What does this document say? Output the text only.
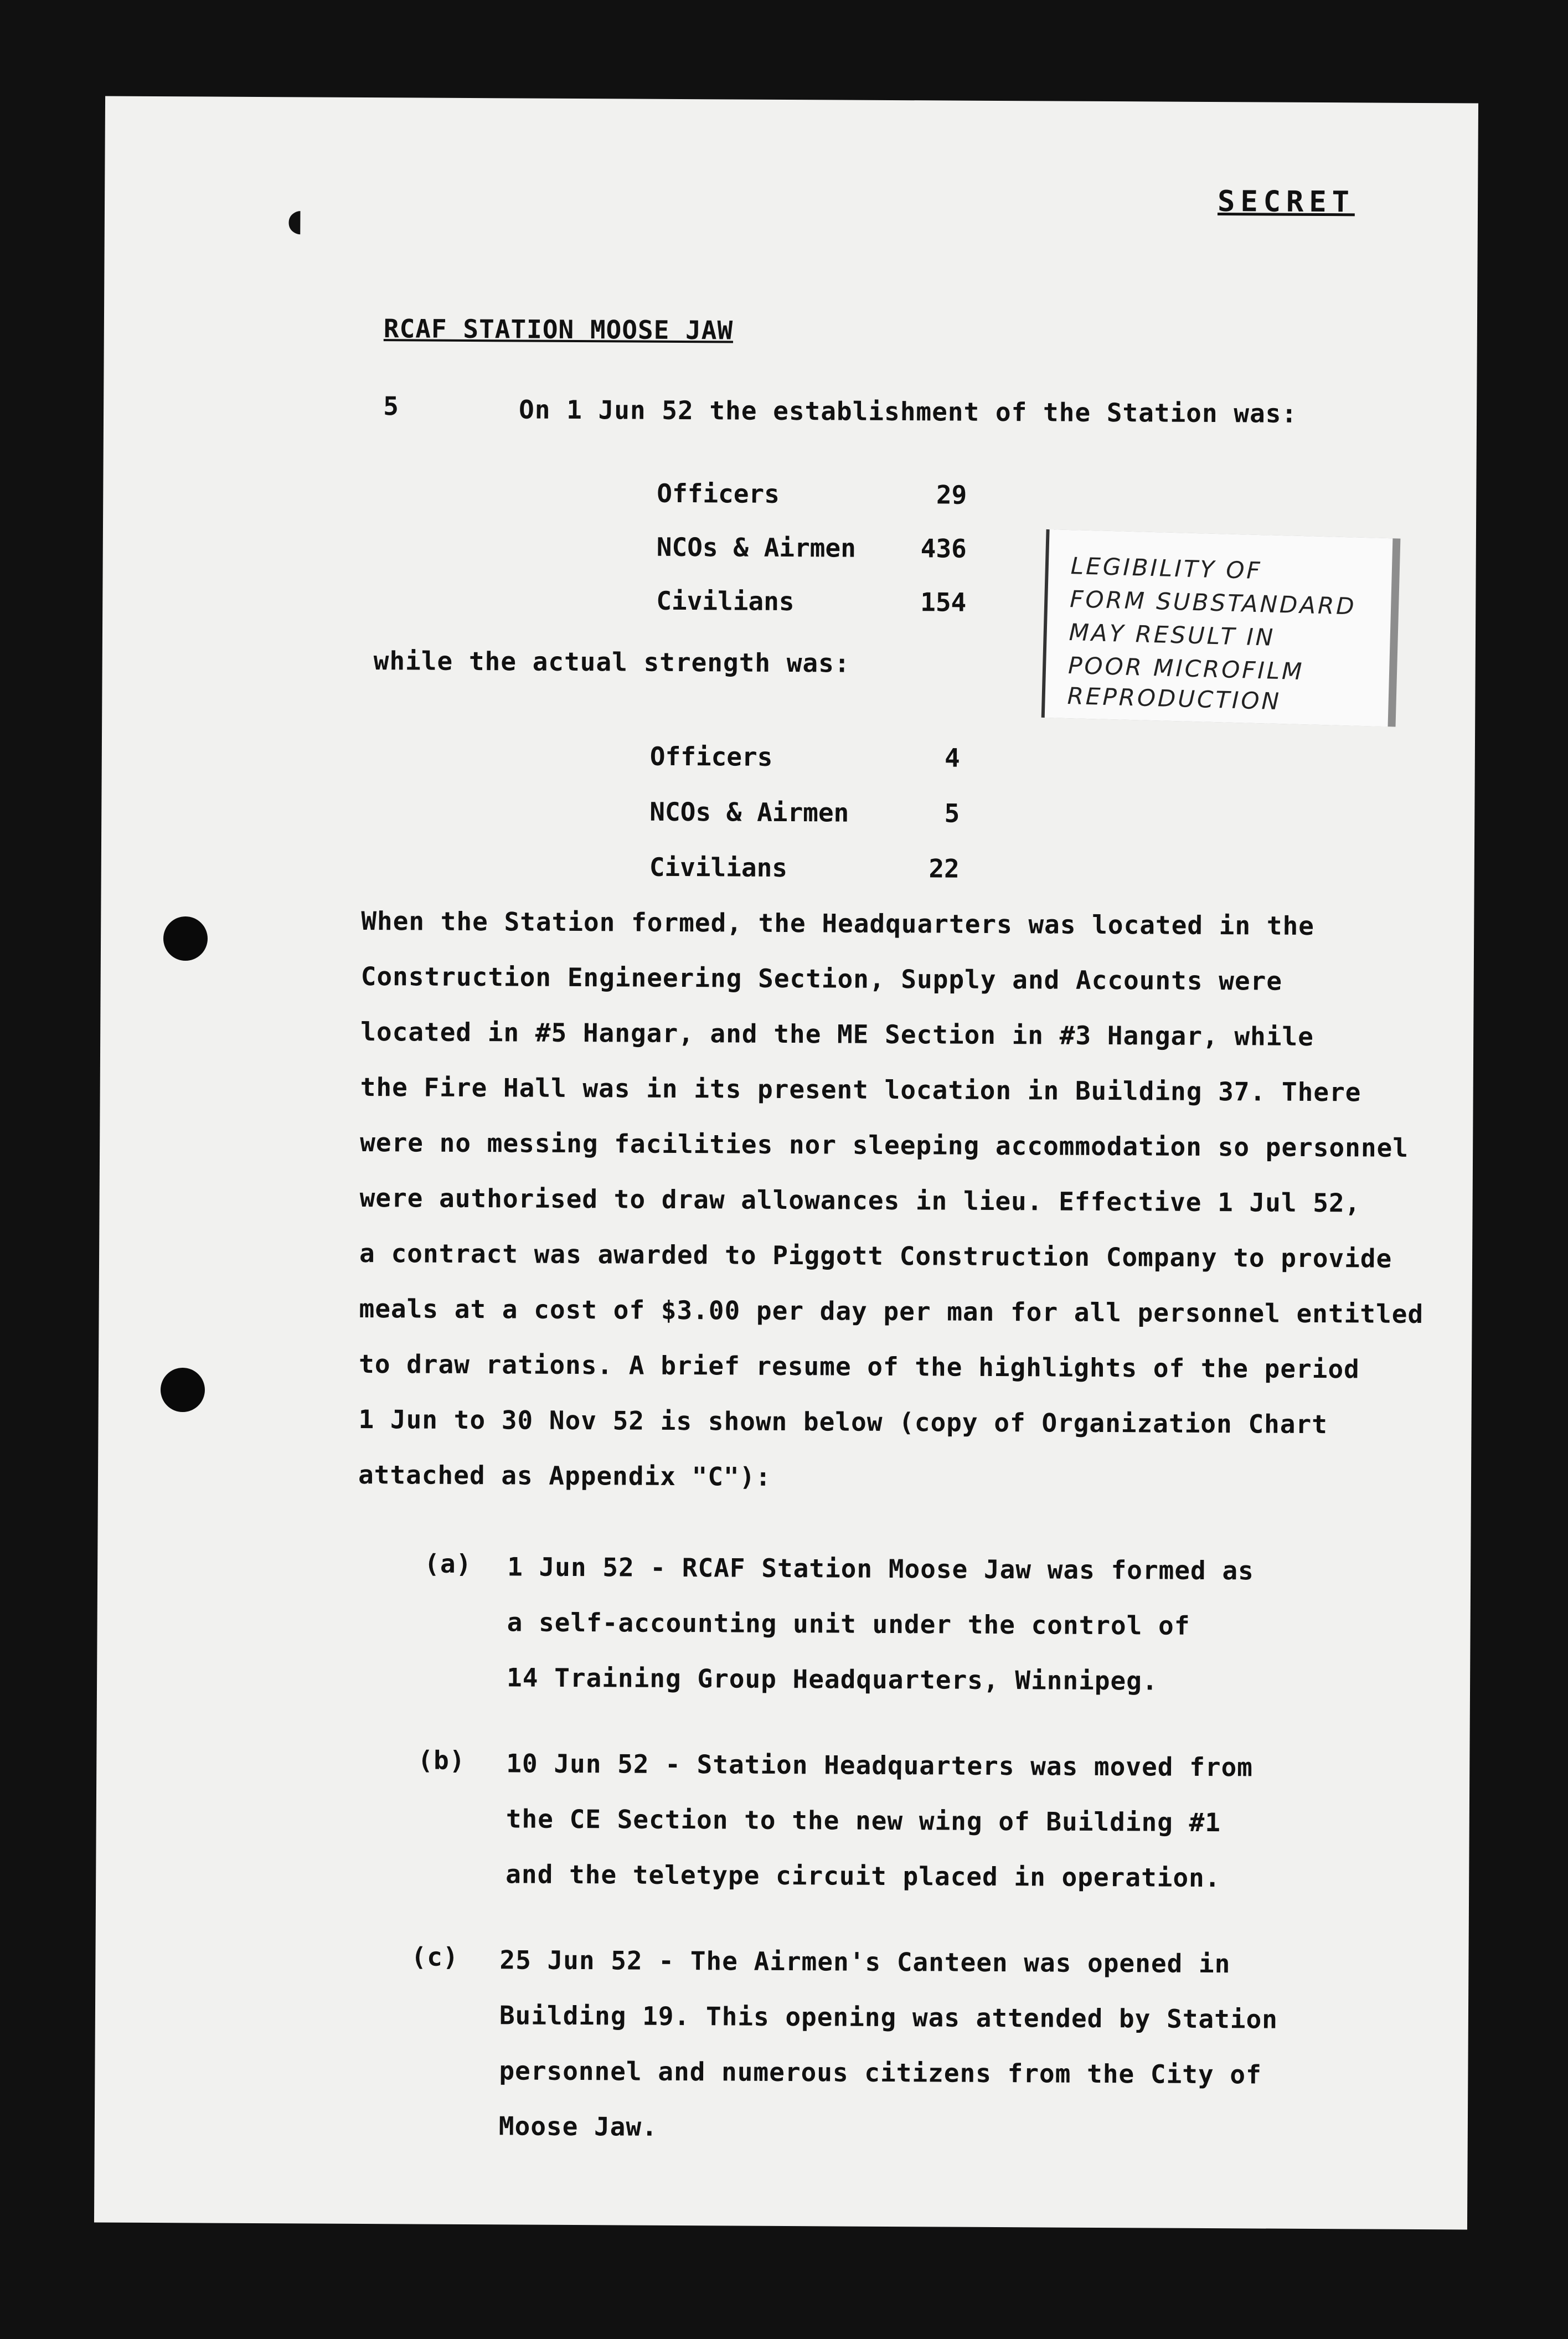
◖	SECRET
RCAF STATION MOOSE JAW
5	On 1 Jun 52 the establishment of the Station was:
Officers	29
NCOs & Airmen	436
Civilians	154
while the actual strength was:
Officers	4
NCOs & Airmen	5
Civilians	22
LEGIBILITY OF
FORM SUBSTANDARD
MAY RESULT IN
POOR MICROFILM
REPRODUCTION
When the Station formed, the Headquarters was located in the
Construction Engineering Section, Supply and Accounts were
located in #5 Hangar, and the ME Section in #3 Hangar, while
the Fire Hall was in its present location in Building 37. There
were no messing facilities nor sleeping accommodation so personnel
were authorised to draw allowances in lieu. Effective 1 Jul 52,
a contract was awarded to Piggott Construction Company to provide
meals at a cost of $3.00 per day per man for all personnel entitled
to draw rations. A brief resume of the highlights of the period
1 Jun to 30 Nov 52 is shown below (copy of Organization Chart
attached as Appendix "C"):
(a) 1 Jun 52 - RCAF Station Moose Jaw was formed as
a self-accounting unit under the control of
14 Training Group Headquarters, Winnipeg.
(b) 10 Jun 52 - Station Headquarters was moved from
the CE Section to the new wing of Building #1
and the teletype circuit placed in operation.
(c) 25 Jun 52 - The Airmen's Canteen was opened in
Building 19. This opening was attended by Station
personnel and numerous citizens from the City of
Moose Jaw.
